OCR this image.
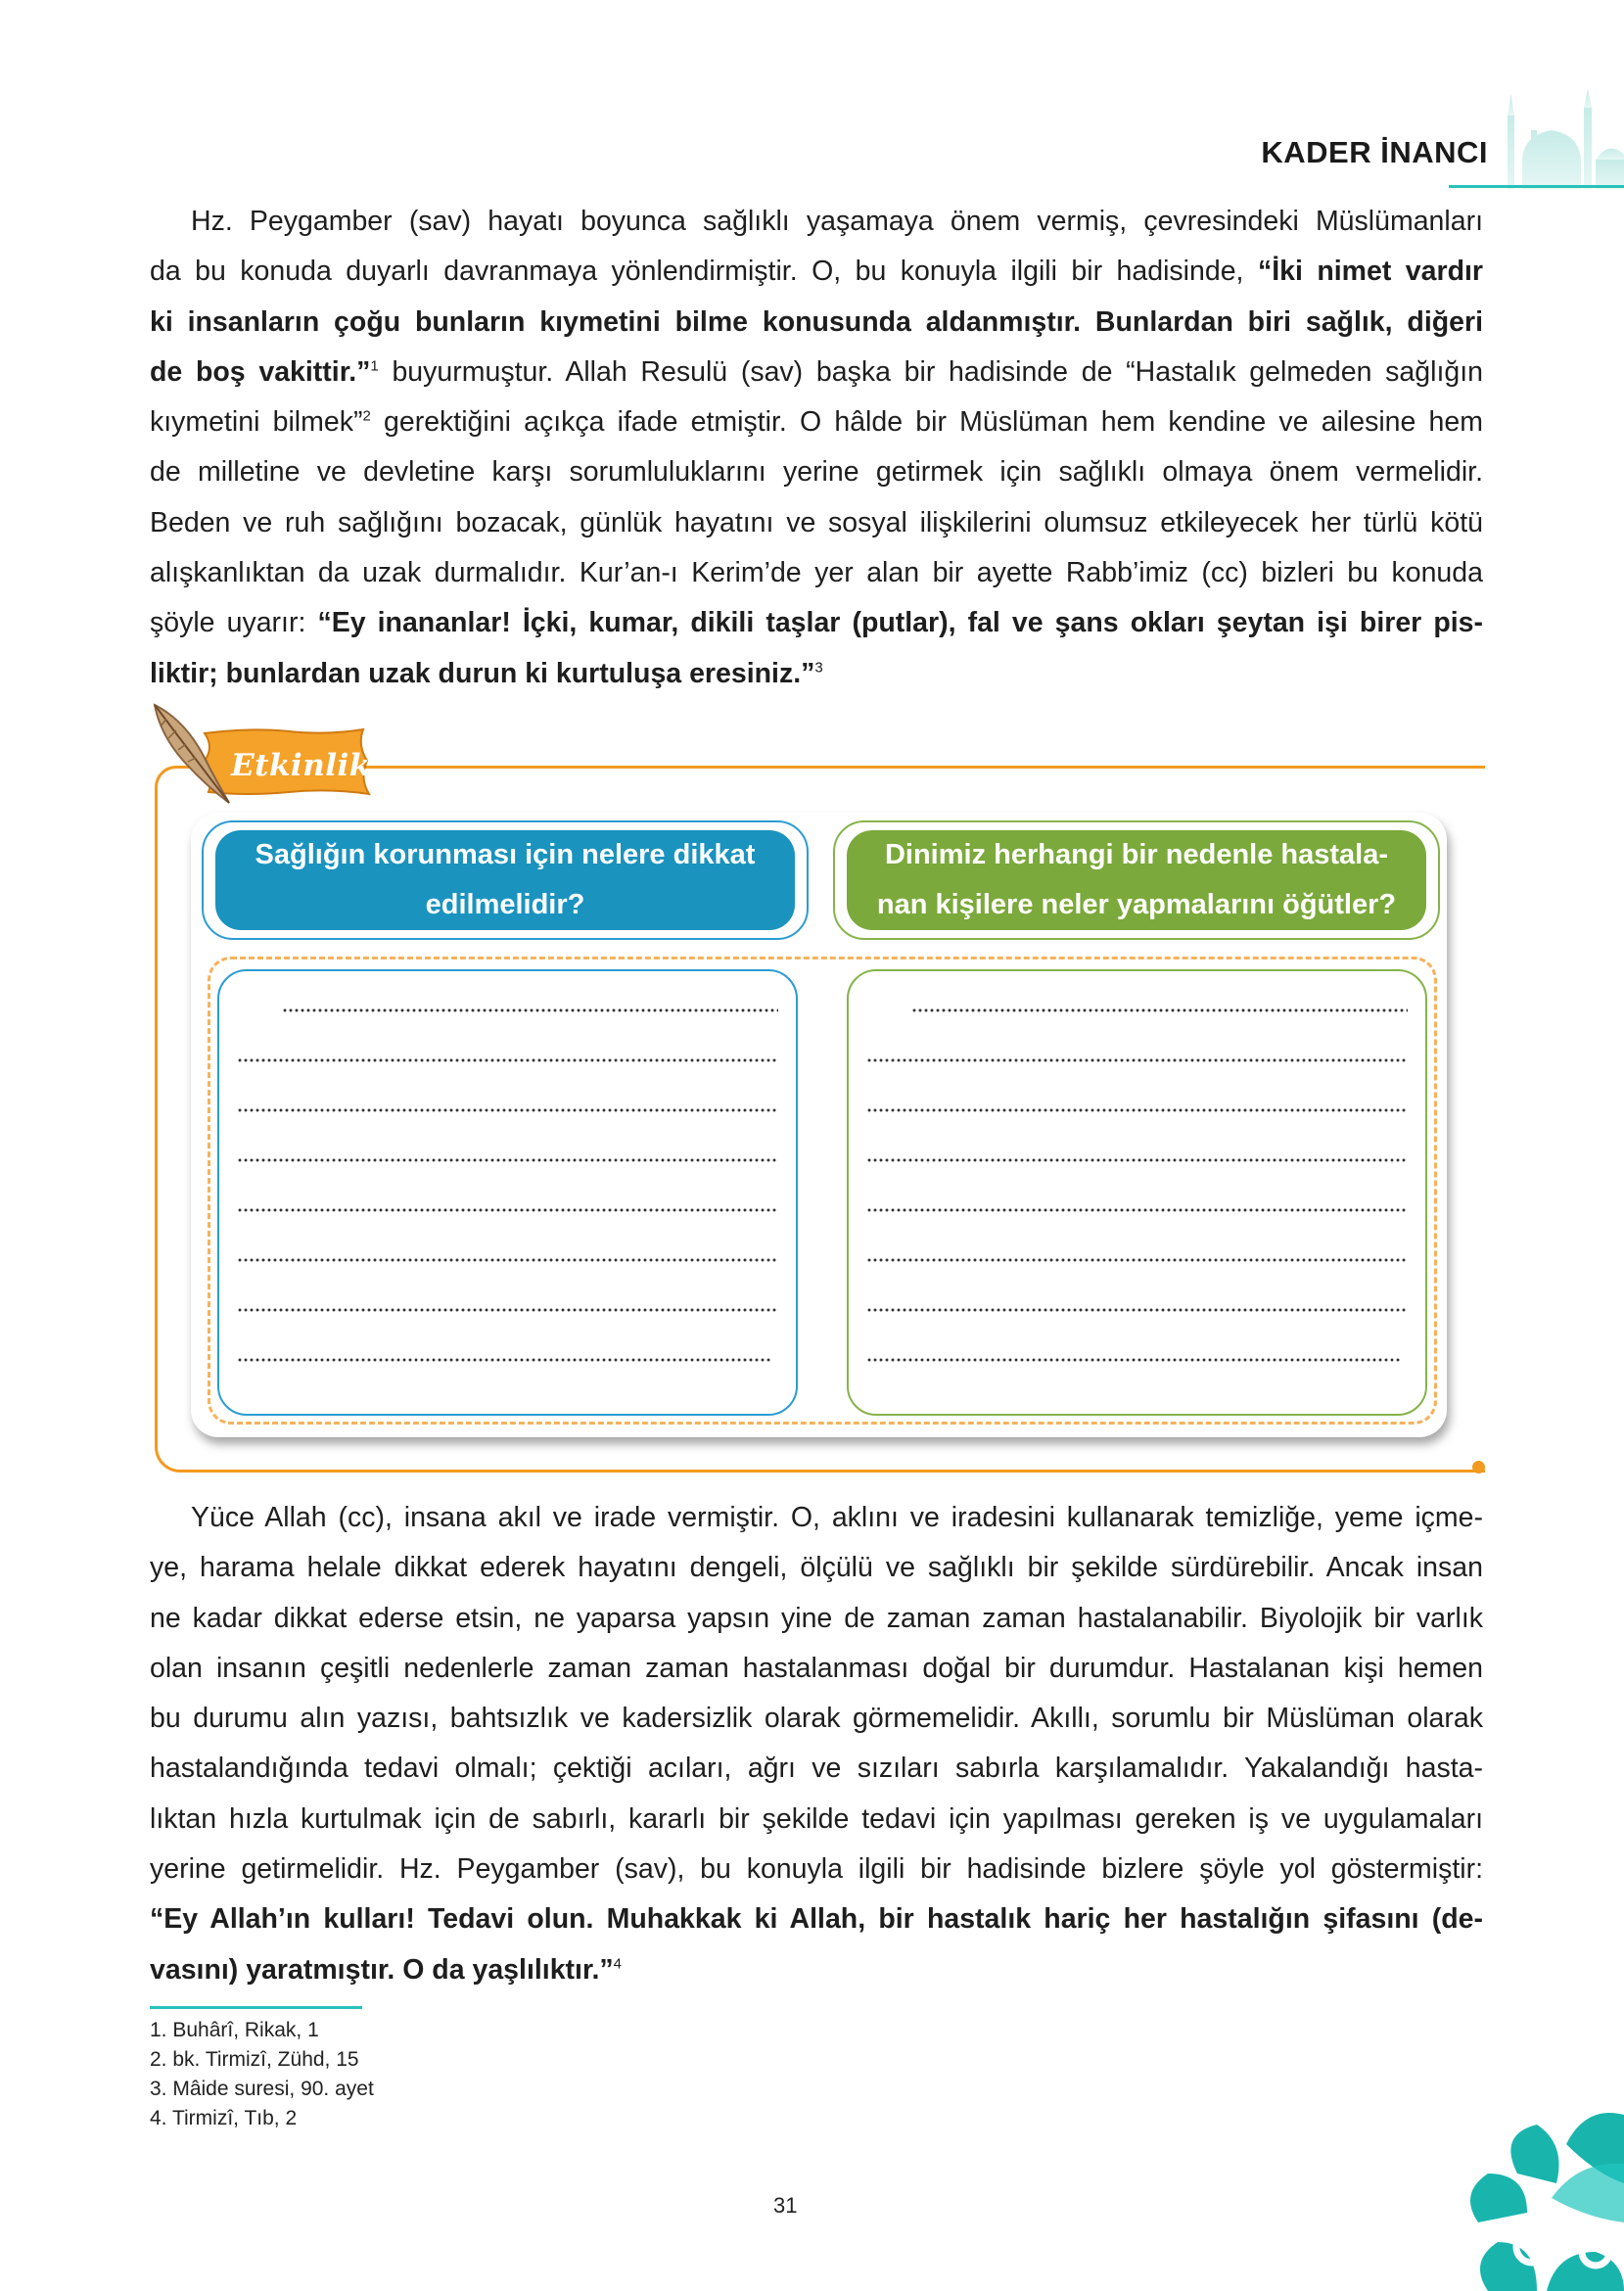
KADER İNANCI
Hz. Peygamber (sav) hayatı boyunca sağlıklı yaşamaya önem vermiş, çevresindeki Müslümanları
da bu konuda duyarlı davranmaya yönlendirmiştir. O, bu konuyla ilgili bir hadisinde, “İki nimet vardır
ki insanların çoğu bunların kıymetini bilme konusunda aldanmıştır. Bunlardan biri sağlık, diğeri
de boş vakittir.”$^1$ buyurmuştur. Allah Resulü (sav) başka bir hadisinde de “Hastalık gelmeden sağlığın
kıymetini bilmek”$^2$ gerektiğini açıkça ifade etmiştir. O hâlde bir Müslüman hem kendine ve ailesine hem
de milletine ve devletine karşı sorumluluklarını yerine getirmek için sağlıklı olmaya önem vermelidir.
Beden ve ruh sağlığını bozacak, günlük hayatını ve sosyal ilişkilerini olumsuz etkileyecek her türlü kötü
alışkanlıktan da uzak durmalıdır. Kur’an-ı Kerim’de yer alan bir ayette Rabb’imiz (cc) bizleri bu konuda
şöyle uyarır: “Ey inananlar! İçki, kumar, dikili taşlar (putlar), fal ve şans okları şeytan işi birer pis-
liktir; bunlardan uzak durun ki kurtuluşa eresiniz.”$^3$
Etkinlik
Sağlığın korunması için nelere dikkat edilmelidir?
Dinimiz herhangi bir nedenle hastala-nan kişilere neler yapmalarını öğütler?
Yüce Allah (cc), insana akıl ve irade vermiştir. O, aklını ve iradesini kullanarak temizliğe, yeme içme-
ye, harama helale dikkat ederek hayatını dengeli, ölçülü ve sağlıklı bir şekilde sürdürebilir. Ancak insan
ne kadar dikkat ederse etsin, ne yaparsa yapsın yine de zaman zaman hastalanabilir. Biyolojik bir varlık
olan insanın çeşitli nedenlerle zaman zaman hastalanması doğal bir durumdur. Hastalanan kişi hemen
bu durumu alın yazısı, bahtsızlık ve kadersizlik olarak görmemelidir. Akıllı, sorumlu bir Müslüman olarak
hastalandığında tedavi olmalı; çektiği acıları, ağrı ve sızıları sabırla karşılamalıdır. Yakalandığı hasta-
lıktan hızla kurtulmak için de sabırlı, kararlı bir şekilde tedavi için yapılması gereken iş ve uygulamaları
yerine getirmelidir. Hz. Peygamber (sav), bu konuyla ilgili bir hadisinde bizlere şöyle yol göstermiştir:
“Ey Allah’ın kulları! Tedavi olun. Muhakkak ki Allah, bir hastalık hariç her hastalığın şifasını (de-
vasını) yaratmıştır. O da yaşlılıktır.”$^4$
1. Buhârî, Rikak, 1
2. bk. Tirmizî, Zühd, 15
3. Mâide suresi, 90. ayet
4. Tirmizî, Tıb, 2
31
